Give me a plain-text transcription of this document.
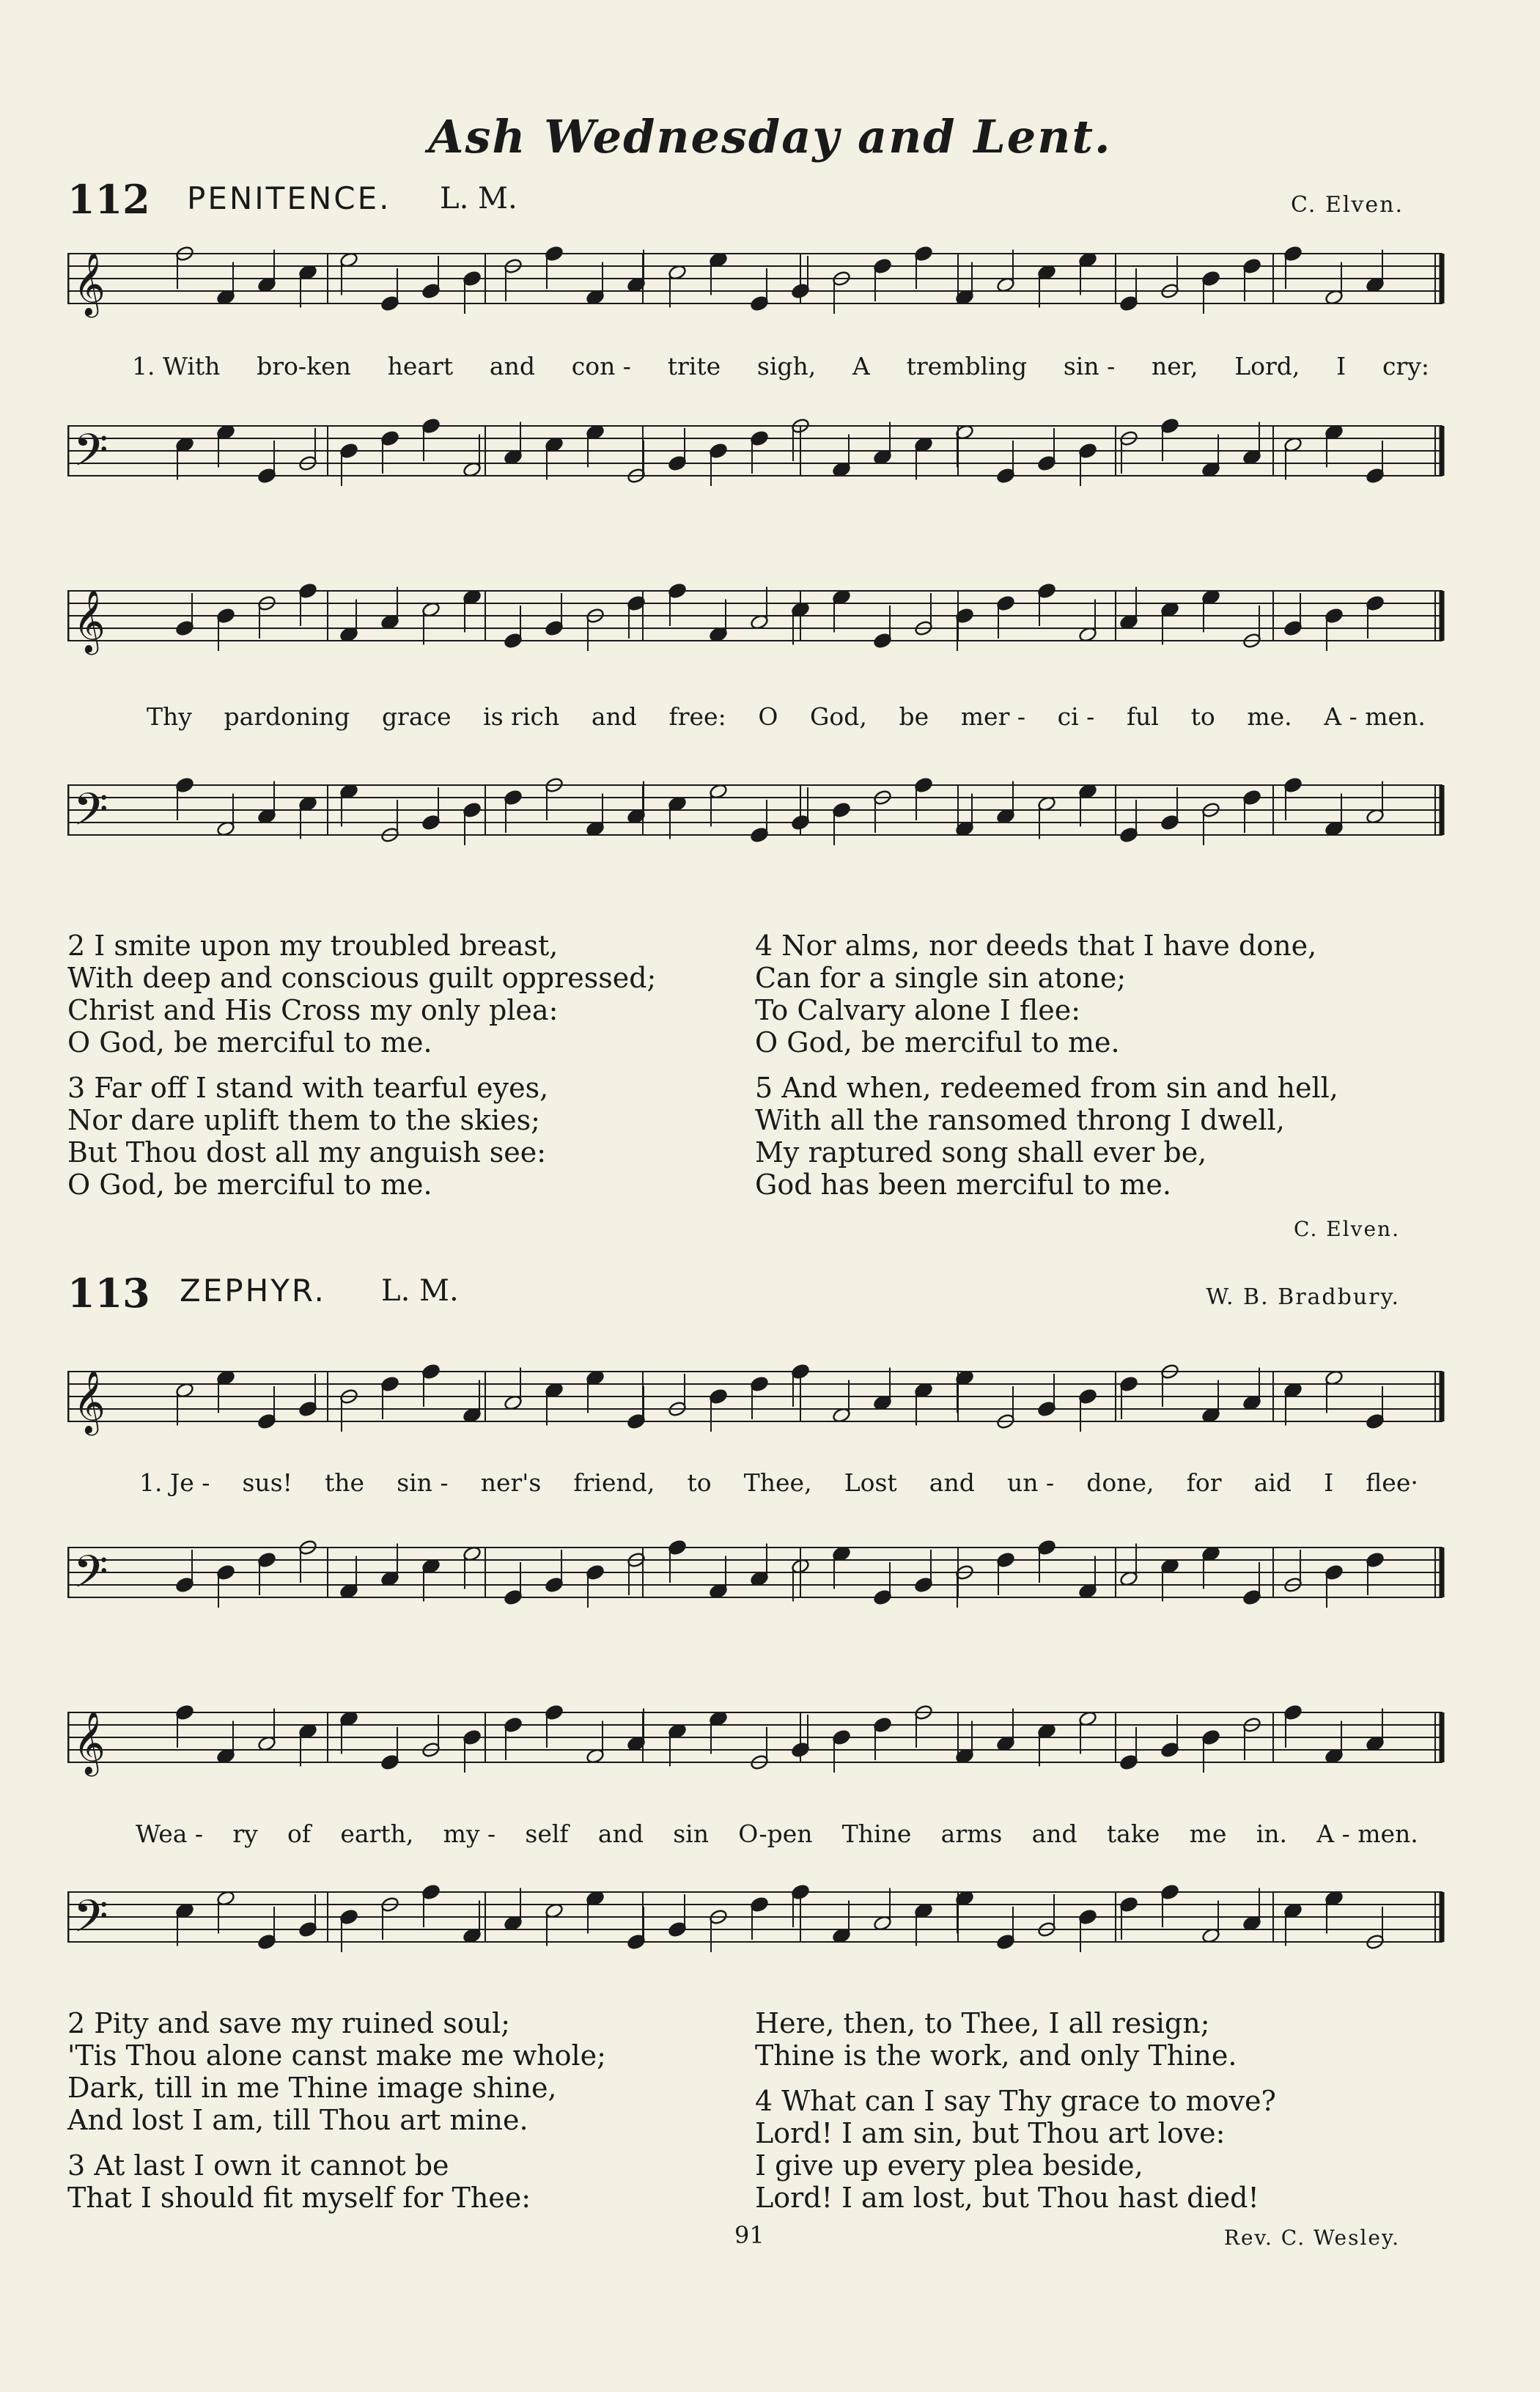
Ash Wednesday and Lent.
112 PENITENCE. L. M.	C. Elven.
𝄞
1. With bro-ken heart and con - trite sigh, A trembling sin - ner, Lord, I cry:
𝄢
𝄞
Thy pardoning grace is rich and free: O God, be mer - ci - ful to me. A - men.
𝄢

2 I smite upon my troubled breast,
With deep and conscious guilt oppressed;
Christ and His Cross my only plea:
O God, be merciful to me.

3 Far off I stand with tearful eyes,
Nor dare uplift them to the skies;
But Thou dost all my anguish see:
O God, be merciful to me.

4 Nor alms, nor deeds that I have done,
Can for a single sin atone;
To Calvary alone I flee:
O God, be merciful to me.

5 And when, redeemed from sin and hell,
With all the ransomed throng I dwell,
My raptured song shall ever be,
God has been merciful to me.

C. Elven.
113 ZEPHYR. L. M.	W. B. Bradbury.
𝄞
1. Je - sus! the sin - ner's friend, to Thee, Lost and un - done, for aid I flee·
𝄢
𝄞
Wea - ry of earth, my - self and sin O-pen Thine arms and take me in. A - men.
𝄢

2 Pity and save my ruined soul;
'Tis Thou alone canst make me whole;
Dark, till in me Thine image shine,
And lost I am, till Thou art mine.

3 At last I own it cannot be
That I should fit myself for Thee:

Here, then, to Thee, I all resign;
Thine is the work, and only Thine.

4 What can I say Thy grace to move?
Lord! I am sin, but Thou art love:
I give up every plea beside,
Lord! I am lost, but Thou hast died!

91	Rev. C. Wesley.
